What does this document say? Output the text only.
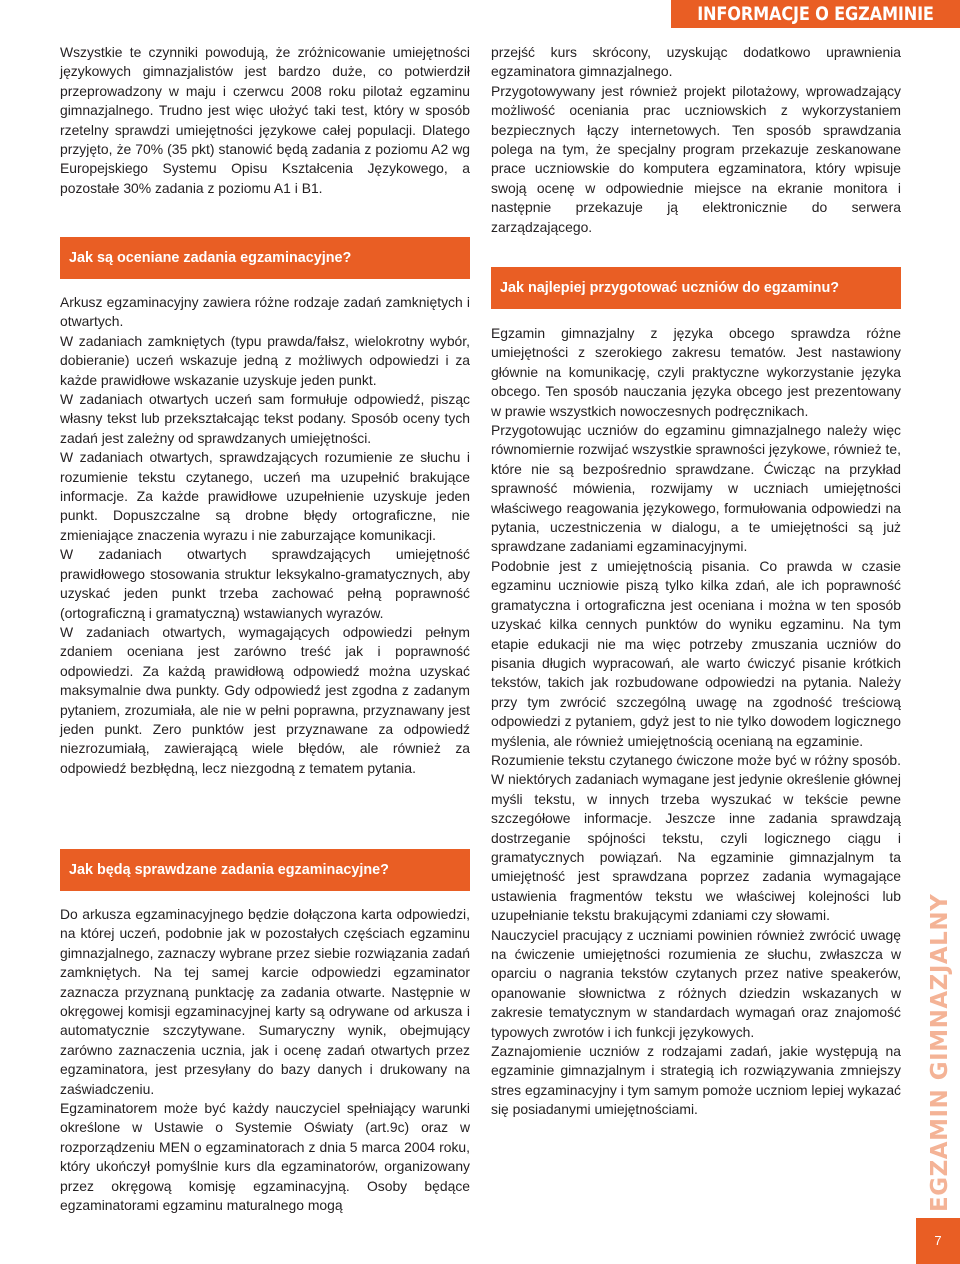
INFORMACJE O EGZAMINIE

Wszystkie te czynniki powodują, że zróżnicowanie umiejętności językowych gimnazjalistów jest bardzo duże, co potwierdził przeprowadzony w maju i czerwcu 2008 roku pilotaż egzaminu gimnazjalnego. Trudno jest więc ułożyć taki test, który w sposób rzetelny sprawdzi umiejętności językowe całej populacji. Dlatego przyjęto, że 70% (35 pkt) stanowić będą zadania z poziomu A2 wg Europejskiego Systemu Opisu Kształcenia Językowego, a pozostałe 30% zadania z poziomu A1 i B1.

Jak są oceniane zadania egzaminacyjne?

Arkusz egzaminacyjny zawiera różne rodzaje zadań zamkniętych i otwartych.

W zadaniach zamkniętych (typu prawda/fałsz, wielokrotny wybór, dobieranie) uczeń wskazuje jedną z możliwych odpowiedzi i za każde prawidłowe wskazanie uzyskuje jeden punkt.

W zadaniach otwartych uczeń sam formułuje odpowiedź, pisząc własny tekst lub przekształcając tekst podany. Sposób oceny tych zadań jest zależny od sprawdzanych umiejętności.

W zadaniach otwartych, sprawdzających rozumienie ze słuchu i rozumienie tekstu czytanego, uczeń ma uzupełnić brakujące informacje. Za każde prawidłowe uzupełnienie uzyskuje jeden punkt. Dopuszczalne są drobne błędy ortograficzne, nie zmieniające znaczenia wyrazu i nie zaburzające komunikacji.

W zadaniach otwartych sprawdzających umiejętność prawidłowego stosowania struktur leksykalno-gramatycznych, aby uzyskać jeden punkt trzeba zachować pełną poprawność (ortograficzną i gramatyczną) wstawianych wyrazów.

W zadaniach otwartych, wymagających odpowiedzi pełnym zdaniem oceniana jest zarówno treść jak i poprawność odpowiedzi. Za każdą prawidłową odpowiedź można uzyskać maksymalnie dwa punkty. Gdy odpowiedź jest zgodna z zadanym pytaniem, zrozumiała, ale nie w pełni poprawna, przyznawany jest jeden punkt. Zero punktów jest przyznawane za odpowiedź niezrozumiałą, zawierającą wiele błędów, ale również za odpowiedź bezbłędną, lecz niezgodną z tematem pytania.

Jak będą sprawdzane zadania egzaminacyjne?

Do arkusza egzaminacyjnego będzie dołączona karta odpowiedzi, na której uczeń, podobnie jak w pozostałych częściach egzaminu gimnazjalnego, zaznaczy wybrane przez siebie rozwiązania zadań zamkniętych. Na tej samej karcie odpowiedzi egzaminator zaznacza przyznaną punktację za zadania otwarte. Następnie w okręgowej komisji egzaminacyjnej karty są odrywane od arkusza i automatycznie szczytywane. Sumaryczny wynik, obejmujący zarówno zaznaczenia ucznia, jak i ocenę zadań otwartych przez egzaminatora, jest przesyłany do bazy danych i drukowany na zaświadczeniu.

Egzaminatorem może być każdy nauczyciel spełniający warunki określone w Ustawie o Systemie Oświaty (art.9c) oraz w rozporządzeniu MEN o egzaminatorach z dnia 5 marca 2004 roku, który ukończył pomyślnie kurs dla egzaminatorów, organizowany przez okręgową komisję egzaminacyjną. Osoby będące egzaminatorami egzaminu maturalnego mogą

przejść kurs skrócony, uzyskując dodatkowo uprawnienia egzaminatora gimnazjalnego.

Przygotowywany jest również projekt pilotażowy, wprowadzający możliwość oceniania prac uczniowskich z wykorzystaniem bezpiecznych łączy internetowych. Ten sposób sprawdzania polega na tym, że specjalny program przekazuje zeskanowane prace uczniowskie do komputera egzaminatora, który wpisuje swoją ocenę w odpowiednie miejsce na ekranie monitora i następnie przekazuje ją elektronicznie do serwera zarządzającego.

Jak najlepiej przygotować uczniów do egzaminu?

Egzamin gimnazjalny z języka obcego sprawdza różne umiejętności z szerokiego zakresu tematów. Jest nastawiony głównie na komunikację, czyli praktyczne wykorzystanie języka obcego. Ten sposób nauczania języka obcego jest prezentowany w prawie wszystkich nowoczesnych podręcznikach.

Przygotowując uczniów do egzaminu gimnazjalnego należy więc równomiernie rozwijać wszystkie sprawności językowe, również te, które nie są bezpośrednio sprawdzane. Ćwicząc na przykład sprawność mówienia, rozwijamy w uczniach umiejętności właściwego reagowania językowego, formułowania odpowiedzi na pytania, uczestniczenia w dialogu, a te umiejętności są już sprawdzane zadaniami egzaminacyjnymi.

Podobnie jest z umiejętnością pisania. Co prawda w czasie egzaminu uczniowie piszą tylko kilka zdań, ale ich poprawność gramatyczna i ortograficzna jest oceniana i można w ten sposób uzyskać kilka cennych punktów do wyniku egzaminu. Na tym etapie edukacji nie ma więc potrzeby zmuszania uczniów do pisania długich wypracowań, ale warto ćwiczyć pisanie krótkich tekstów, takich jak rozbudowane odpowiedzi na pytania. Należy przy tym zwrócić szczególną uwagę na zgodność treściową odpowiedzi z pytaniem, gdyż jest to nie tylko dowodem logicznego myślenia, ale również umiejętnością ocenianą na egzaminie.

Rozumienie tekstu czytanego ćwiczone może być w różny sposób. W niektórych zadaniach wymagane jest jedynie określenie głównej myśli tekstu, w innych trzeba wyszukać w tekście pewne szczegółowe informacje. Jeszcze inne zadania sprawdzają dostrzeganie spójności tekstu, czyli logicznego ciągu i gramatycznych powiązań. Na egzaminie gimnazjalnym ta umiejętność jest sprawdzana poprzez zadania wymagające ustawienia fragmentów tekstu we właściwej kolejności lub uzupełnianie tekstu brakującymi zdaniami czy słowami.

Nauczyciel pracujący z uczniami powinien również zwrócić uwagę na ćwiczenie umiejętności rozumienia ze słuchu, zwłaszcza w oparciu o nagrania tekstów czytanych przez native speakerów, opanowanie słownictwa z różnych dziedzin wskazanych w zakresie tematycznym w standardach wymagań oraz znajomość typowych zwrotów i ich funkcji językowych.

Zaznajomienie uczniów z rodzajami zadań, jakie występują na egzaminie gimnazjalnym i strategią ich rozwiązywania zmniejszy stres egzaminacyjny i tym samym pomoże uczniom lepiej wykazać się posiadanymi umiejętnościami.	EGZAMIN GIMNAZJALNY
7
